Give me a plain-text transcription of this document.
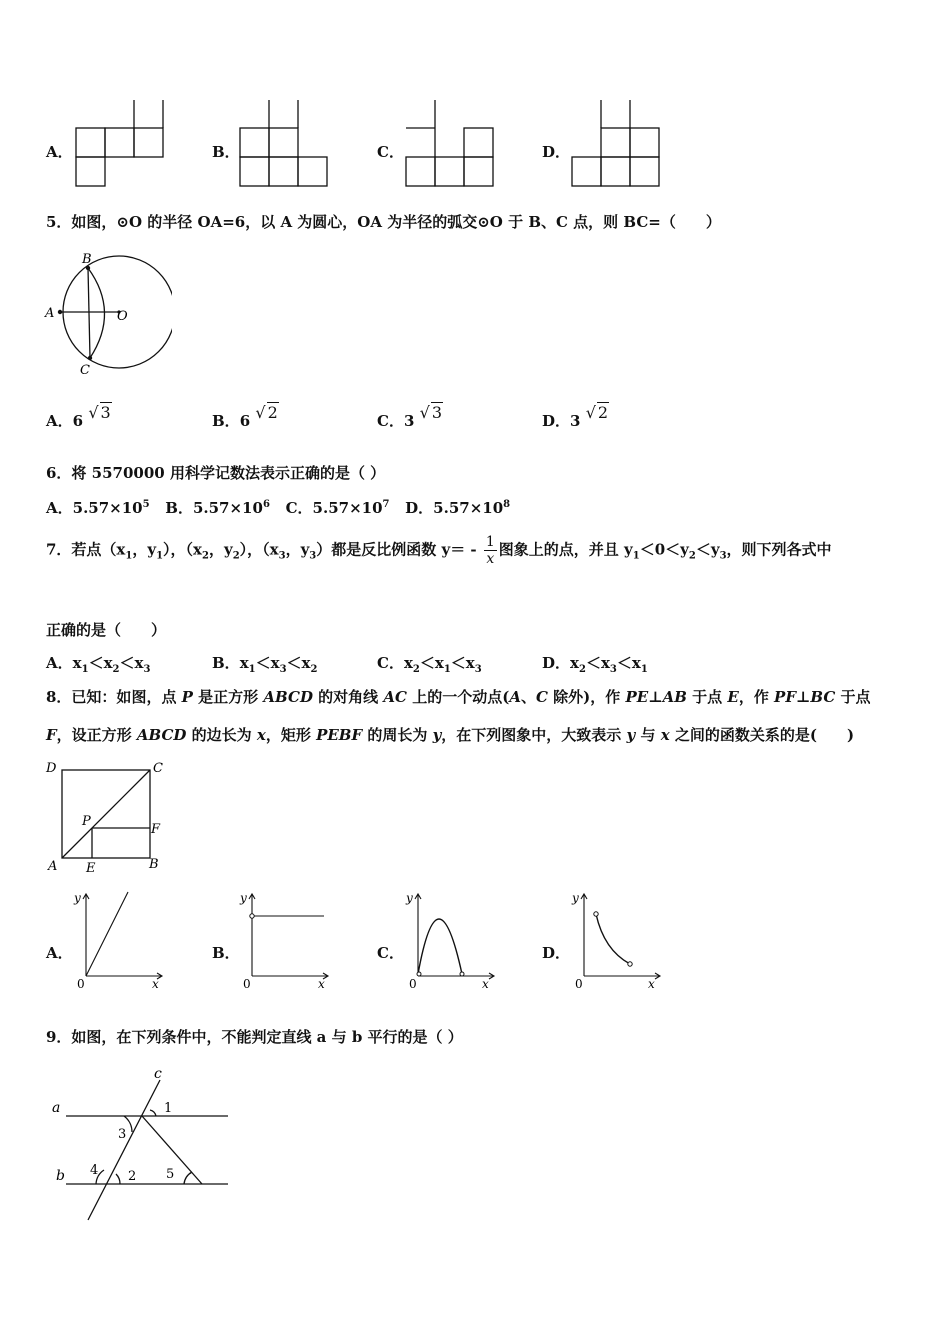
A．	B．	C．	D．
5．如图，⊙O 的半径 OA=6，以 A 为圆心，OA 为半径的弧交⊙O 于 B、C 点，则 BC=（　　）
B
A	O
C
A．6 √ 3	B．6 √ 2	C．3 √ 3	D．3 √ 2
6．将 5570000 用科学记数法表示正确的是（ ）
A．$5.57\times 10^5$ B．$5.57\times 10^6$ C．$5.57\times 10^7$ D．$5.57\times 10^8$
7．若点（$x_1$，$y_1$），（$x_2$，$y_2$），（$x_3$，$y_3$）都是反比例函数 $y= - \frac{1}{x}$ 图象上的点，并且 $y_1<0<y_2<y_3$，则下列各式中
正确的是（　　）
A．$x_1<x_2<x_3$	B．$x_1<x_3<x_2$	C．$x_2<x_1<x_3$	D．$x_2<x_3<x_1$
8．已知：如图，点 P 是正方形 ABCD 的对角线 AC 上的一个动点(A、C 除外)，作 PE⊥AB 于点 E，作 PF⊥BC 于点
F，设正方形 ABCD 的边长为 x，矩形 PEBF 的周长为 y，在下列图象中，大致表示 y 与 x 之间的函数关系的是(　　)
D	C
P
F
A E	B
A．
y
0	x
B．
y
0	x
C．
y
0	x
D．
y
0	x
9．如图，在下列条件中，不能判定直线 a 与 b 平行的是（ ）
a
b
c
1
2
3
4	5
